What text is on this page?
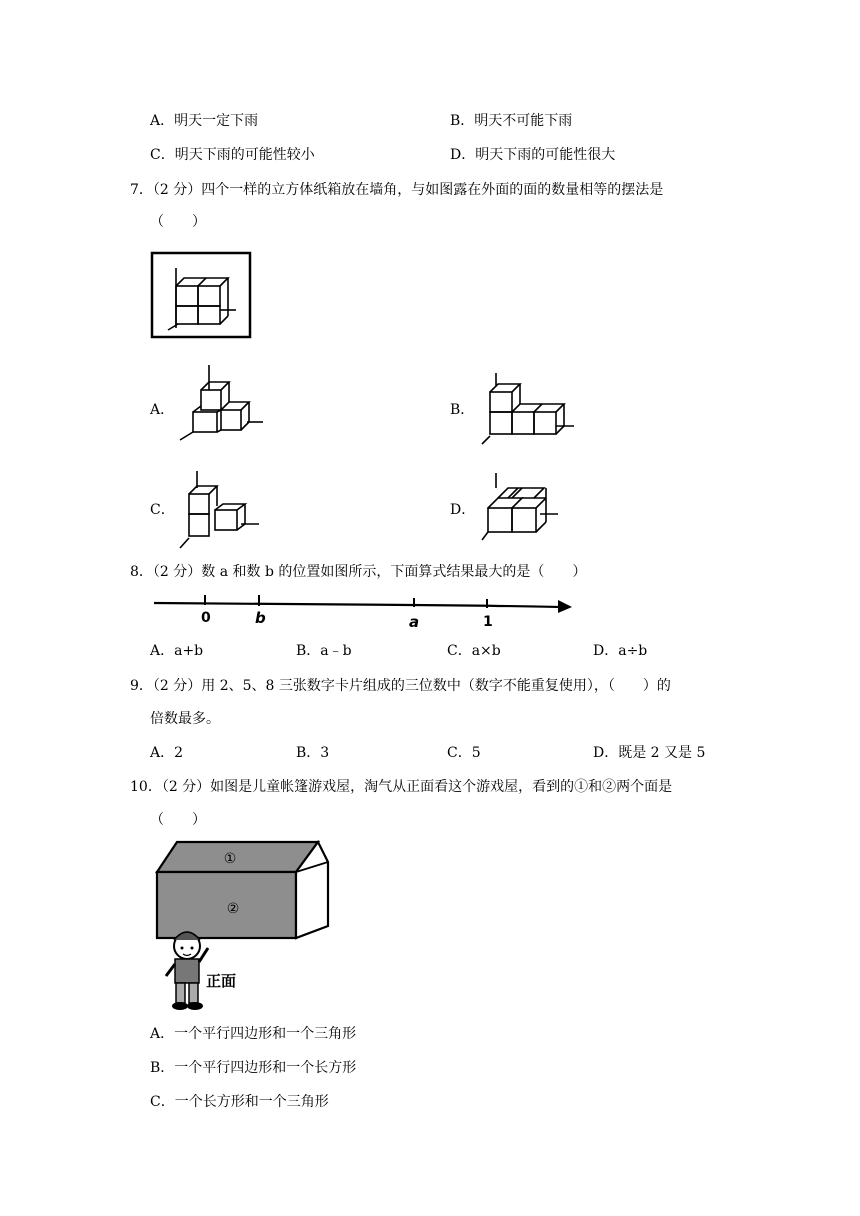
A．明天一定下雨	B．明天不可能下雨
C．明天下雨的可能性较小	D．明天下雨的可能性很大
7．（2 分）四个一样的立方体纸箱放在墙角，与如图露在外面的面的数量相等的摆法是
（　　）
A．	B．
C．	D．
8．（2 分）数 a 和数 b 的位置如图所示，下面算式结果最大的是（　　）
0	b	a	1
A．a+b	B．a﹣b	C．a×b	D．a÷b
9．（2 分）用 2、5、8 三张数字卡片组成的三位数中（数字不能重复使用），（　　）的
倍数最多。
A．2	B．3	C．5	D．既是 2 又是 5
10．（2 分）如图是儿童帐篷游戏屋，淘气从正面看这个游戏屋，看到的①和②两个面是
（　　）
①
②
正面
A．一个平行四边形和一个三角形
B．一个平行四边形和一个长方形
C．一个长方形和一个三角形
